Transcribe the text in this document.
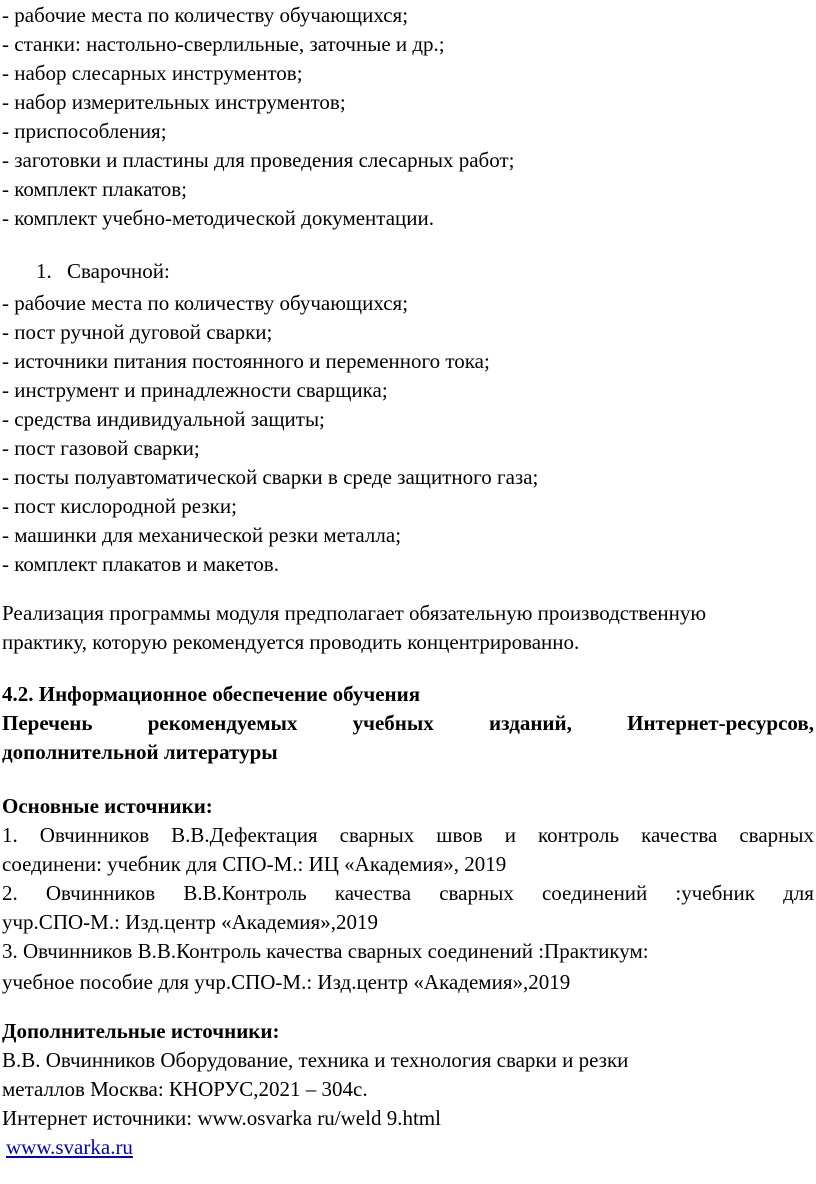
- рабочие места по количеству обучающихся;
- станки: настольно-сверлильные, заточные и др.;
- набор слесарных инструментов;
- набор измерительных инструментов;
- приспособления;
- заготовки и пластины для проведения слесарных работ;
- комплект плакатов;
- комплект учебно-методической документации.
1. Сварочной:
- рабочие места по количеству обучающихся;
- пост ручной дуговой сварки;
- источники питания постоянного и переменного тока;
- инструмент и принадлежности сварщика;
- средства индивидуальной защиты;
- пост газовой сварки;
- посты полуавтоматической сварки в среде защитного газа;
- пост кислородной резки;
- машинки для механической резки металла;
- комплект плакатов и макетов.
Реализация программы модуля предполагает обязательную производственную
практику, которую рекомендуется проводить концентрированно.
4.2. Информационное обеспечение обучения
Перечень	рекомендуемых	учебных	изданий,	Интернет-ресурсов,
дополнительной литературы
Основные источники:
1. Овчинников В.В.Дефектация сварных швов и контроль качества сварных
соединени: учебник для СПО-М.: ИЦ «Академия», 2019
2. Овчинников В.В.Контроль качества сварных соединений :учебник для
учр.СПО-М.: Изд.центр «Академия»,2019
3. Овчинников В.В.Контроль качества сварных соединений :Практикум:
учебное пособие для учр.СПО-М.: Изд.центр «Академия»,2019
Дополнительные источники:
В.В. Овчинников Оборудование, техника и технология сварки и резки
металлов Москва: КНОРУС,2021 – 304с.
Интернет источники: www.osvarka ru/weld 9.html
www.svarka.ru
